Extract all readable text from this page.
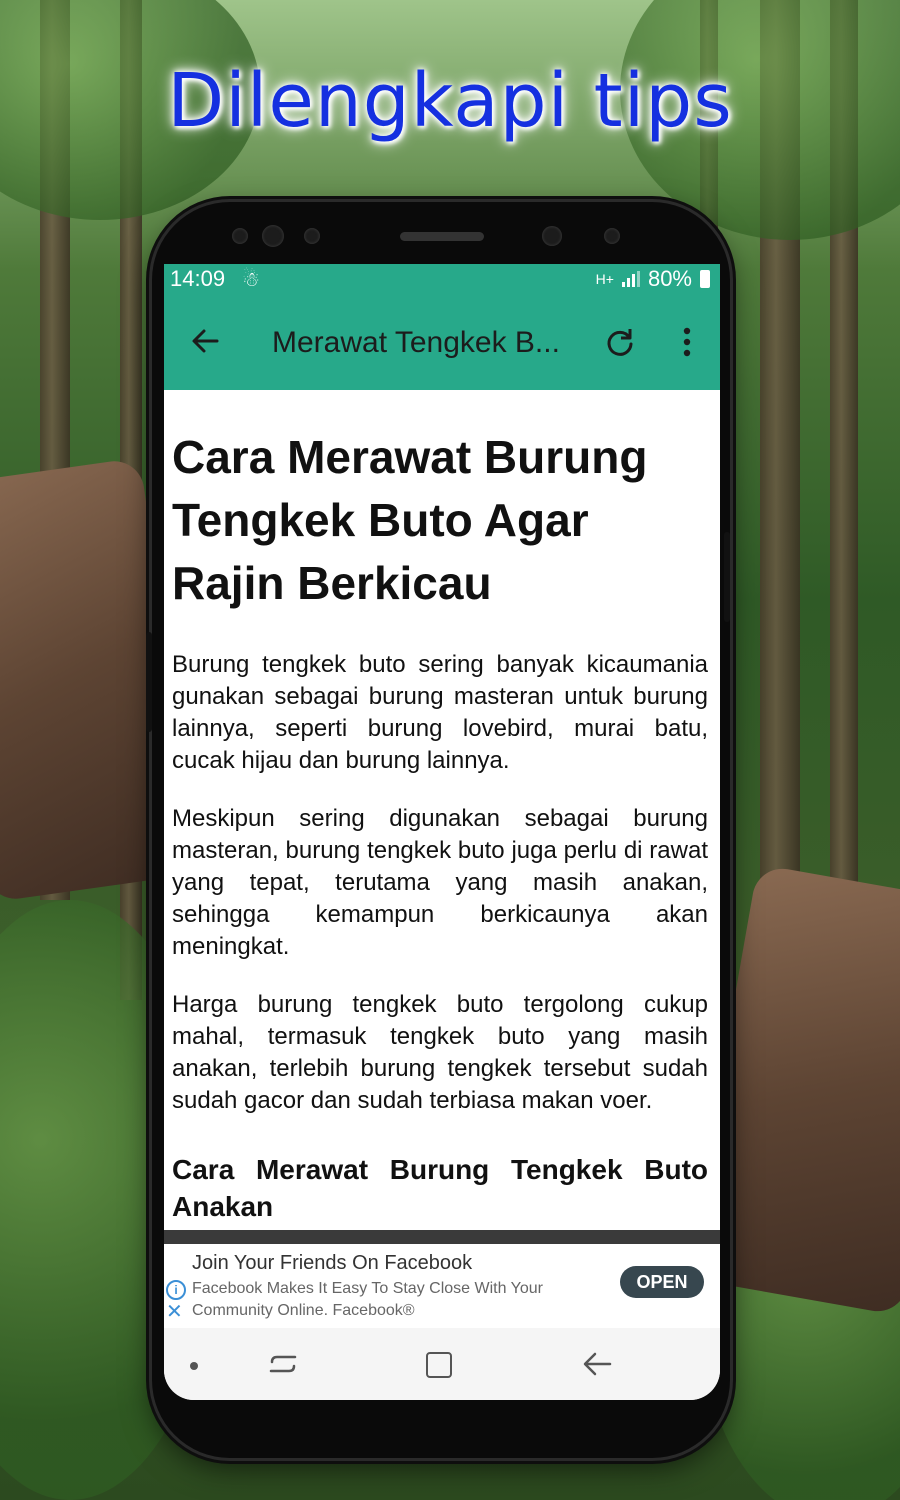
Dilengkapi tips
14:09 ☃	H+ 80%
Merawat Tengkek B...
Cara Merawat Burung Tengkek Buto Agar Rajin Berkicau

Burung tengkek buto sering banyak kicaumania gunakan sebagai burung masteran untuk burung lainnya, seperti burung lovebird, murai batu, cucak hijau dan burung lainnya.

Meskipun sering digunakan sebagai burung masteran, burung tengkek buto juga perlu di rawat yang tepat, terutama yang masih anakan, sehingga kemampun berkicaunya akan meningkat.

Harga burung tengkek buto tergolong cukup mahal, termasuk tengkek buto yang masih anakan, terlebih burung tengkek tersebut sudah sudah gacor dan sudah terbiasa makan voer.

Cara Merawat Burung Tengkek Buto Anakan
i
✕
Join Your Friends On Facebook
Facebook Makes It Easy To Stay Close With Your Community Online. Facebook®
OPEN
